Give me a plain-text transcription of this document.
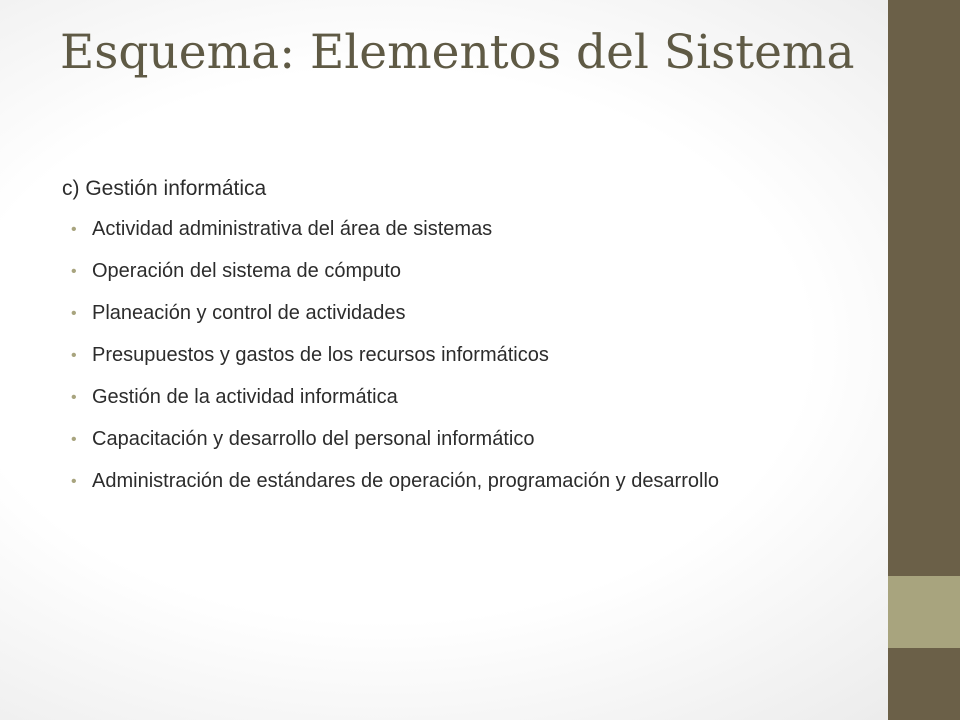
Esquema: Elementos del Sistema

c) Gestión informática

• Actividad administrativa del área de sistemas
• Operación del sistema de cómputo
• Planeación y control de actividades
• Presupuestos y gastos de los recursos informáticos
• Gestión de la actividad informática
• Capacitación y desarrollo del personal informático
• Administración de estándares de operación, programación y desarrollo
